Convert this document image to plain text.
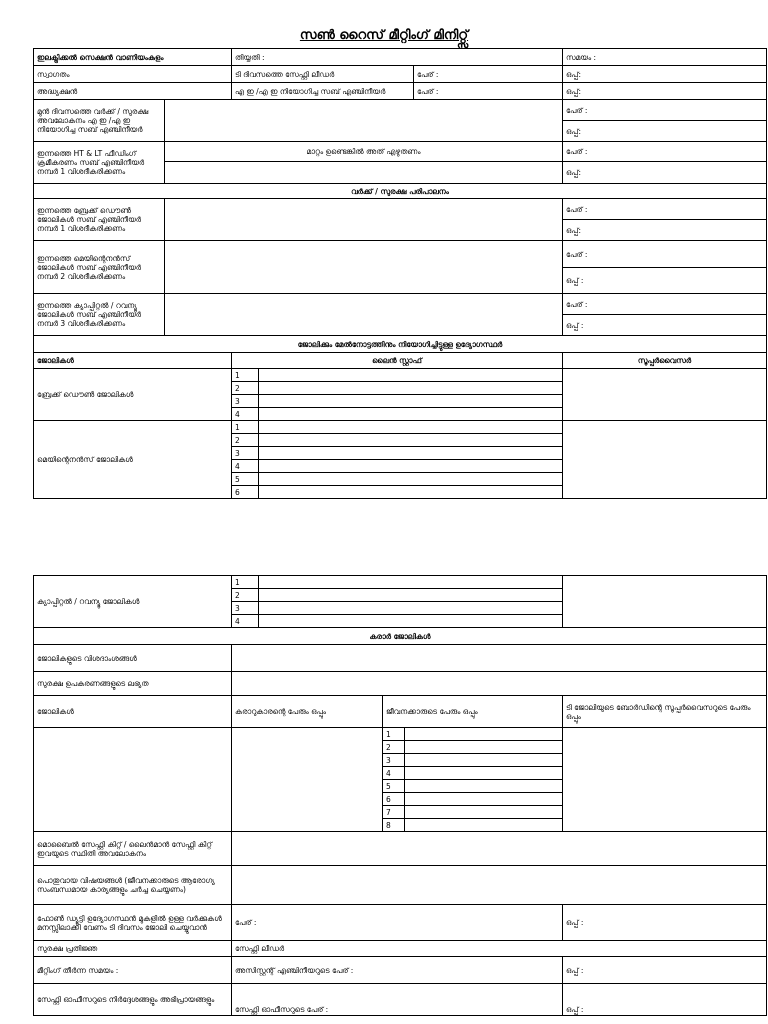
സൺ റൈസ് മീറ്റിംഗ് മിനിറ്റ്സ്
ഇലക്ട്രിക്കൽ സെക്ഷൻ വാണിയംകുളം		തിയ്യതി :			സമയം :
സ്വാഗതം		ടി ദിവസത്തെ സേഫ്റ്റി ലീഡർ		പേര് :	ഒപ്പ്:
അദ്ധ്യക്ഷൻ		എ ഇ /എ ഇ നിയോഗിച്ച സബ് എഞ്ചിനീയർ		പേര് :	ഒപ്പ്:
മുൻ ദിവസത്തെ വർക്ക് / സുരക്ഷ അവലോകനം എ ഇ /എ ഇ നിയോഗിച്ച സബ് എഞ്ചിനീയർ					പേര് :
					ഒപ്പ്:
ഇന്നത്തെ HT & LT ഫീഡിംഗ് ക്രമീകരണം സബ് എഞ്ചിനീയർ നമ്പർ 1 വിശദീകരിക്കണം	മാറ്റം ഉണ്ടെങ്കിൽ അത് എഴുതണം				പേര് :
					ഒപ്പ്:
വർക്ക് / സുരക്ഷ പരിപാലനം					
ഇന്നത്തെ ബ്രേക്ക് ഡൌൺ ജോലികൾ സബ് എഞ്ചിനീയർ നമ്പർ 1 വിശദീകരിക്കണം					പേര് :
					ഒപ്പ്:
ഇന്നത്തെ മെയിന്റെനൻസ് ജോലികൾ സബ് എഞ്ചിനീയർ നമ്പർ 2 വിശദീകരിക്കണം					പേര് :
					ഒപ്പ് :
ഇന്നത്തെ ക്യാപ്പിറ്റൽ / റവന്യൂ ജോലികൾ സബ് എഞ്ചിനീയർ നമ്പർ 3 വിശദീകരിക്കണം					പേര് :
					ഒപ്പ് :
ജോലിക്കും മേൽനോട്ടത്തിനും നിയോഗിച്ചിട്ടുള്ള ഉദ്യോഗസ്ഥർ					
ജോലികൾ		ലൈൻ സ്റ്റാഫ്			സൂപ്പർവൈസർ
ബ്രേക്ക് ഡൌൺ ജോലികൾ		1			
		2			
		3			
		4			
മെയിന്റെനൻസ് ജോലികൾ		1			
		2			
		3			
		4			
		5			
		6			
ക്യാപ്പിറ്റൽ / റവന്യൂ ജോലികൾ	1				
	2				
	3				
	4				
കരാർ ജോലികൾ					
ജോലികളുടെ വിശദാംശങ്ങൾ					
സുരക്ഷ ഉപകരണങ്ങളുടെ ലഭ്യത					
ജോലികൾ	കരാറുകാരന്റെ പേരും ഒപ്പും		ജീവനക്കാരുടെ പേരും ഒപ്പും		ടി ജോലിയുടെ ബോർഡിന്റെ സൂപ്പർവൈസറുടെ പേരും ഒപ്പും
			1		
			2		
			3		
			4		
			5		
			6		
			7		
			8		
മൊബൈൽ സേഫ്റ്റി കിറ്റ് / ലൈൻമാൻ സേഫ്റ്റി കിറ്റ് ഇവയുടെ സ്ഥിതി അവലോകനം					
പൊതുവായ വിഷയങ്ങൾ (ജീവനക്കാരുടെ ആരോഗ്യ സംബന്ധമായ കാര്യങ്ങളും ചർച്ച ചെയ്യണം)					
ഫോൺ ഡ്യൂട്ടി ഉദ്യോഗസ്ഥൻ മുകളിൽ ഉള്ള വർക്കുകൾ മനസ്സിലാക്കി വേണം ടി ദിവസം ജോലി ചെയ്യുവാൻ	പേര് :				ഒപ്പ് :
സുരക്ഷ പ്രതിജ്ഞ	സേഫ്റ്റി ലീഡർ				
മീറ്റിംഗ് തീർന്ന സമയം :	അസിസ്റ്റന്റ് എഞ്ചിനീയറുടെ പേര് :				ഒപ്പ് :
സേഫ്റ്റി ഓഫീസറുടെ നിർദ്ദേശങ്ങളും അഭിപ്രായങ്ങളും	സേഫ്റ്റി ഓഫീസറുടെ പേര് :				ഒപ്പ് :
